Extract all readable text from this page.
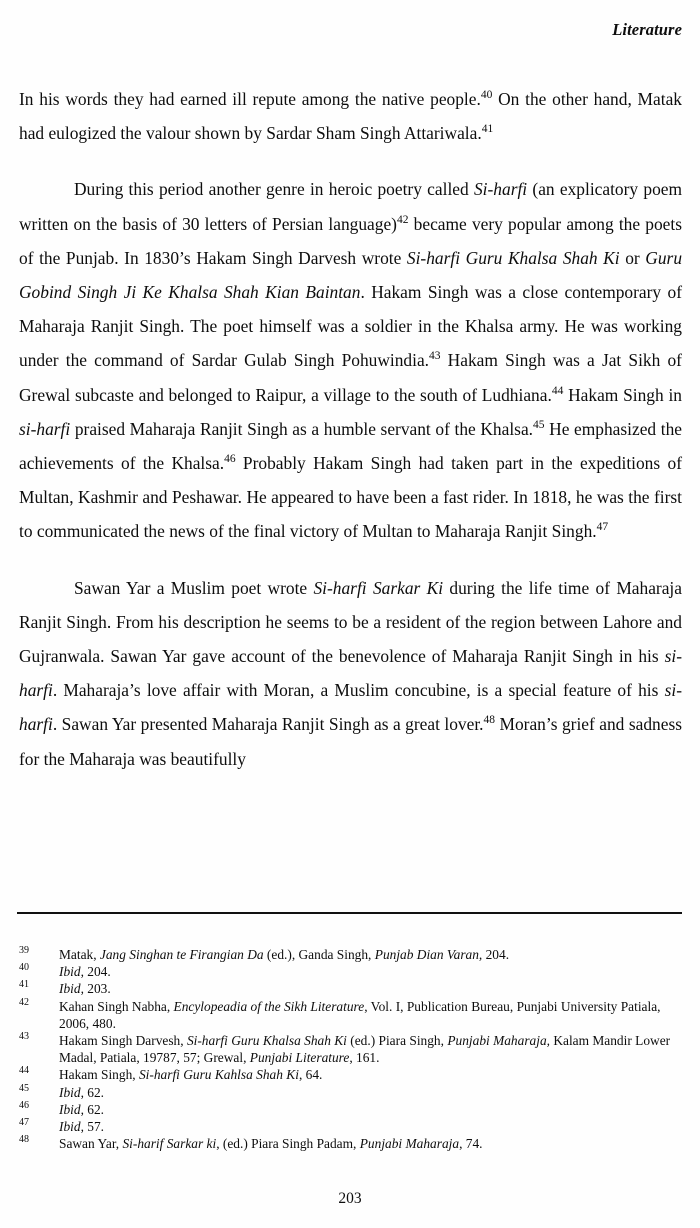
Literature

In his words they had earned ill repute among the native people.$^{40}$ On the other hand, Matak had eulogized the valour shown by Sardar Sham Singh Attariwala.$^{41}$

During this period another genre in heroic poetry called Si-harfi (an explicatory poem written on the basis of 30 letters of Persian language)$^{42}$ became very popular among the poets of the Punjab. In 1830’s Hakam Singh Darvesh wrote Si-harfi Guru Khalsa Shah Ki or Guru Gobind Singh Ji Ke Khalsa Shah Kian Baintan. Hakam Singh was a close contemporary of Maharaja Ranjit Singh. The poet himself was a soldier in the Khalsa army. He was working under the command of Sardar Gulab Singh Pohuwindia.$^{43}$ Hakam Singh was a Jat Sikh of Grewal subcaste and belonged to Raipur, a village to the south of Ludhiana.$^{44}$ Hakam Singh in si-harfi praised Maharaja Ranjit Singh as a humble servant of the Khalsa.$^{45}$ He emphasized the achievements of the Khalsa.$^{46}$ Probably Hakam Singh had taken part in the expeditions of Multan, Kashmir and Peshawar. He appeared to have been a fast rider. In 1818, he was the first to communicated the news of the final victory of Multan to Maharaja Ranjit Singh.$^{47}$

Sawan Yar a Muslim poet wrote Si-harfi Sarkar Ki during the life time of Maharaja Ranjit Singh. From his description he seems to be a resident of the region between Lahore and Gujranwala. Sawan Yar gave account of the benevolence of Maharaja Ranjit Singh in his si-harfi. Maharaja’s love affair with Moran, a Muslim concubine, is a special feature of his si-harfi. Sawan Yar presented Maharaja Ranjit Singh as a great lover.$^{48}$ Moran’s grief and sadness for the Maharaja was beautifully

39	Matak, Jang Singhan te Firangian Da (ed.), Ganda Singh, Punjab Dian Varan, 204.
40	Ibid, 204.
41	Ibid, 203.
42	Kahan Singh Nabha, Encylopeadia of the Sikh Literature, Vol. I, Publication Bureau, Punjabi University Patiala, 2006, 480.
43	Hakam Singh Darvesh, Si-harfi Guru Khalsa Shah Ki (ed.) Piara Singh, Punjabi Maharaja, Kalam Mandir Lower Madal, Patiala, 19787, 57; Grewal, Punjabi Literature, 161.
44	Hakam Singh, Si-harfi Guru Kahlsa Shah Ki, 64.
45	Ibid, 62.
46	Ibid, 62.
47	Ibid, 57.
48	Sawan Yar, Si-harif Sarkar ki, (ed.) Piara Singh Padam, Punjabi Maharaja, 74.
203
